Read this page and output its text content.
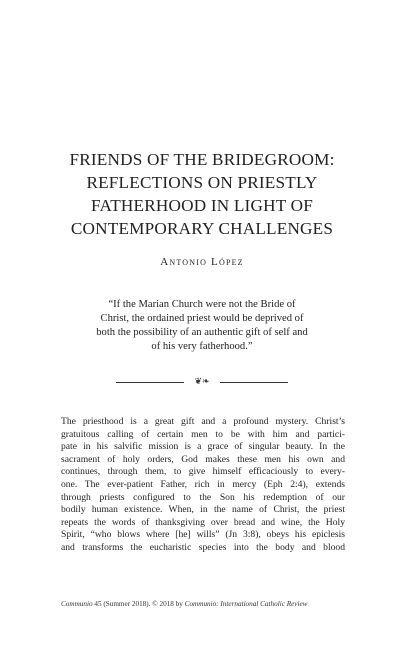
FRIENDS OF THE BRIDEGROOM:
REFLECTIONS ON PRIESTLY
FATHERHOOD IN LIGHT OF
CONTEMPORARY CHALLENGES
Antonio López
“If the Marian Church were not the Bride of
Christ, the ordained priest would be deprived of
both the possibility of an authentic gift of self and
of his very fatherhood.”
❦❧
The priesthood is a great gift and a profound mystery. Christ’s
gratuitous calling of certain men to be with him and partici-
pate in his salvific mission is a grace of singular beauty. In the
sacrament of holy orders, God makes these men his own and
continues, through them, to give himself efficaciously to every-
one. The ever-patient Father, rich in mercy (Eph 2:4), extends
through priests configured to the Son his redemption of our
bodily human existence. When, in the name of Christ, the priest
repeats the words of thanksgiving over bread and wine, the Holy
Spirit, “who blows where [he] wills” (Jn 3:8), obeys his epiclesis
and transforms the eucharistic species into the body and blood
Communio 45 (Summer 2018). © 2018 by Communio: International Catholic Review
